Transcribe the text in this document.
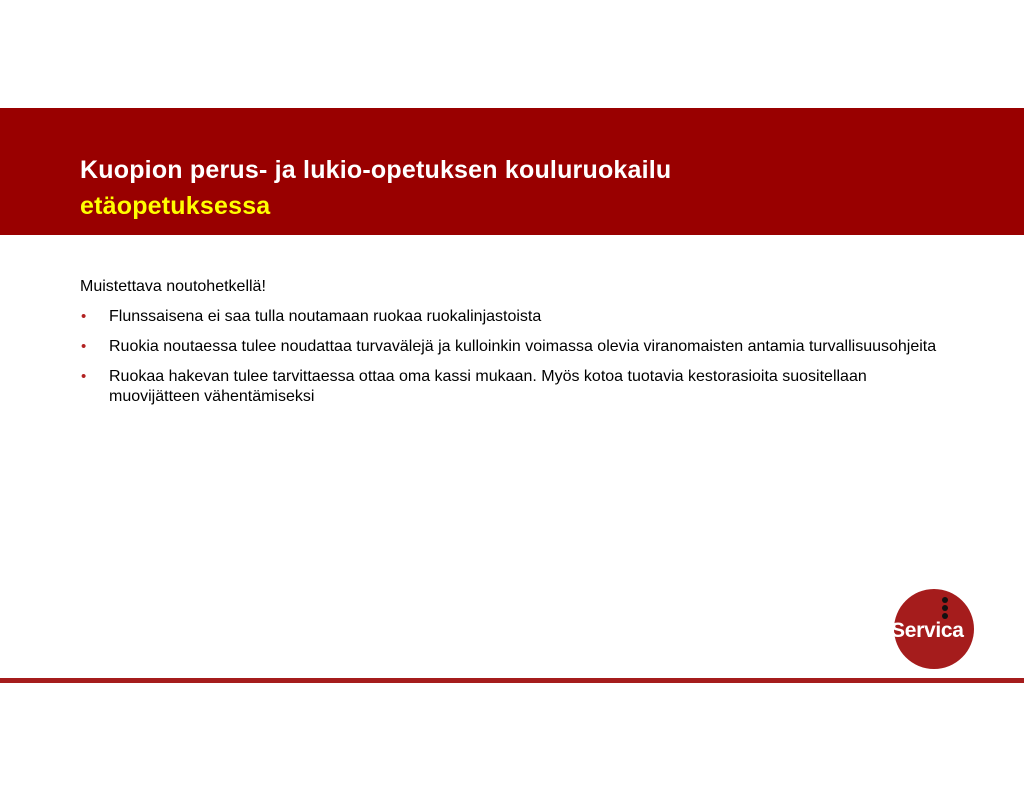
Kuopion perus- ja lukio-opetuksen kouluruokailu
etäopetuksessa

Muistettava noutohetkellä!

• Flunssaisena ei saa tulla noutamaan ruokaa ruokalinjastoista
• Ruokia noutaessa tulee noudattaa turvavälejä ja kulloinkin voimassa olevia viranomaisten antamia turvallisuusohjeita
• Ruokaa hakevan tulee tarvittaessa ottaa oma kassi mukaan. Myös kotoa tuotavia kestorasioita suositellaan muovijätteen vähentämiseksi
Servica
